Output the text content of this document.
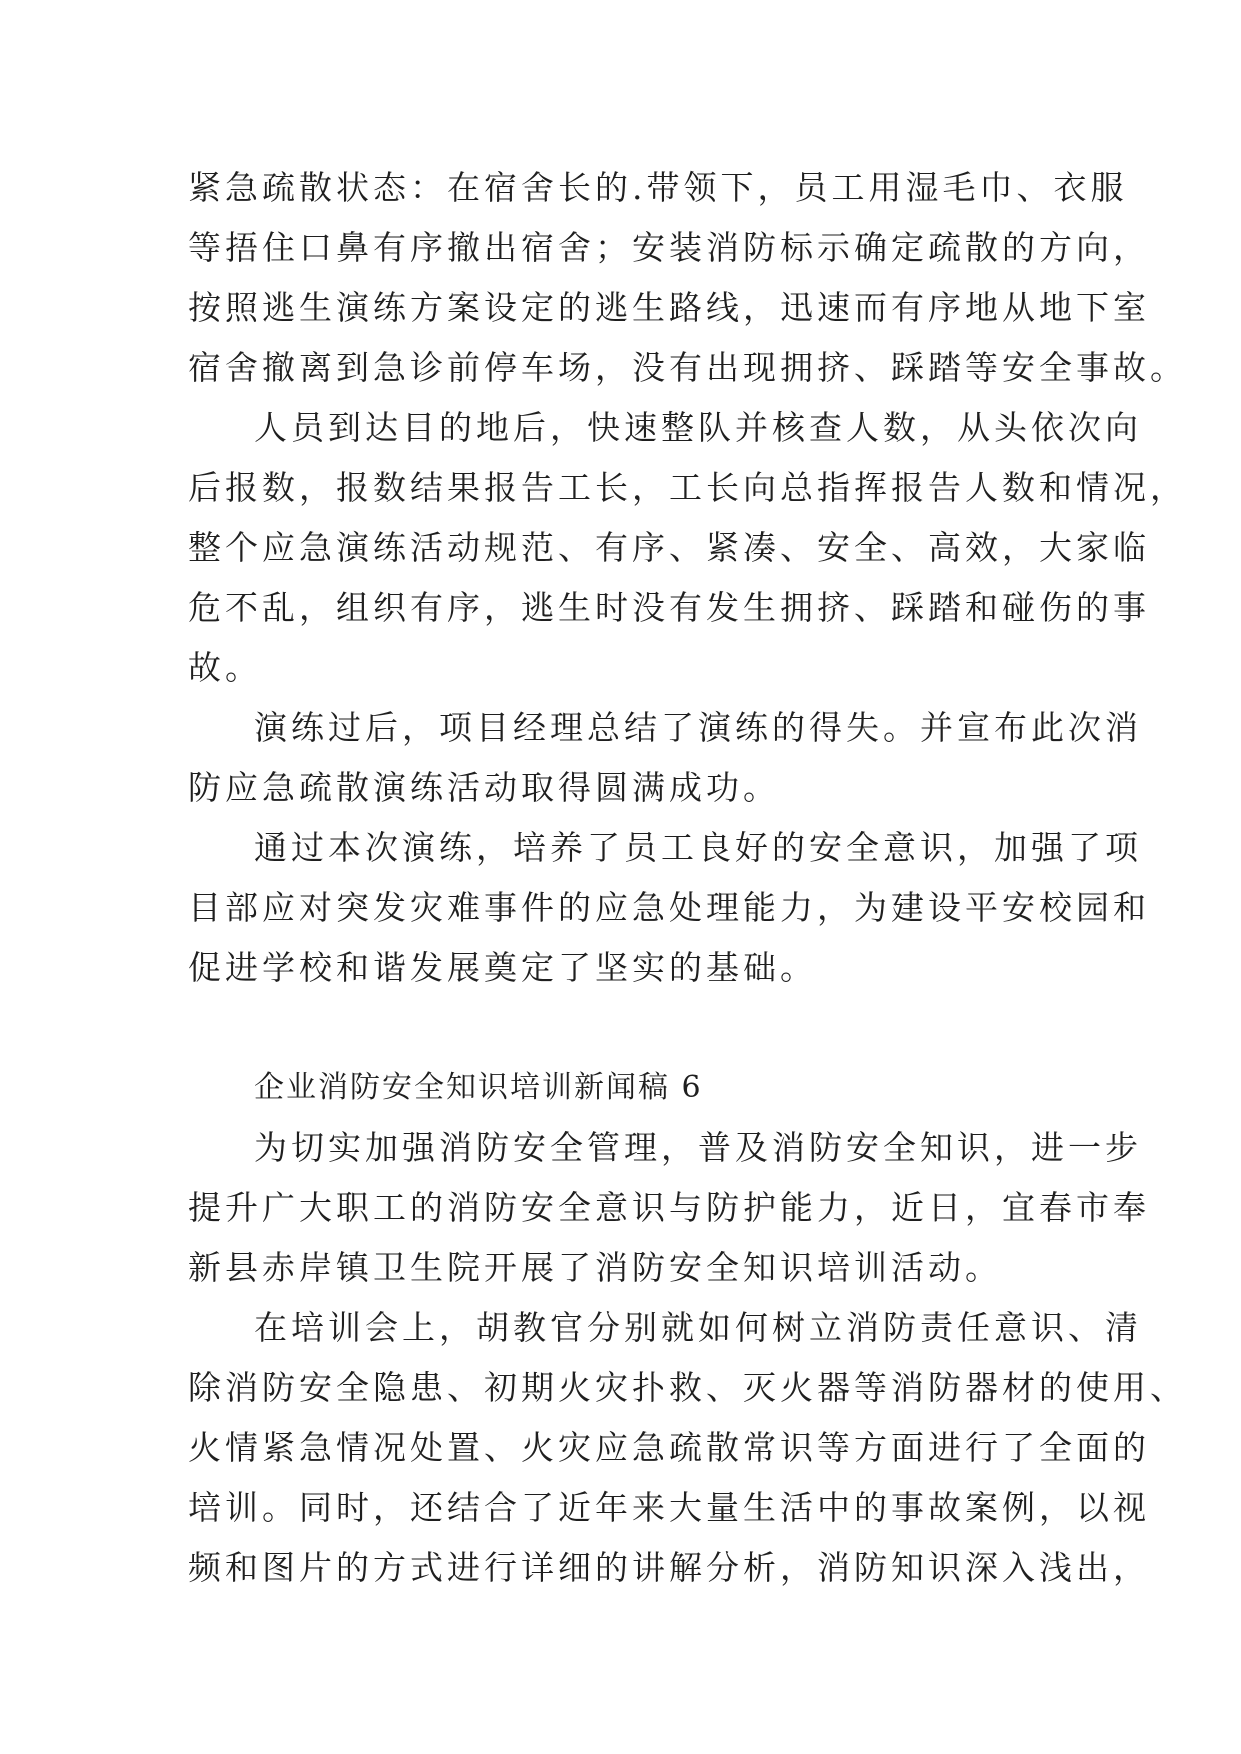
紧急疏散状态：在宿舍长的.带领下，员工用湿毛巾、衣服
等捂住口鼻有序撤出宿舍；安装消防标示确定疏散的方向，
按照逃生演练方案设定的逃生路线，迅速而有序地从地下室
宿舍撤离到急诊前停车场，没有出现拥挤、踩踏等安全事故。
人员到达目的地后，快速整队并核查人数，从头依次向
后报数，报数结果报告工长，工长向总指挥报告人数和情况，
整个应急演练活动规范、有序、紧凑、安全、高效，大家临
危不乱，组织有序，逃生时没有发生拥挤、踩踏和碰伤的事
故。
演练过后，项目经理总结了演练的得失。并宣布此次消
防应急疏散演练活动取得圆满成功。
通过本次演练，培养了员工良好的安全意识，加强了项
目部应对突发灾难事件的应急处理能力，为建设平安校园和
促进学校和谐发展奠定了坚实的基础。
企业消防安全知识培训新闻稿 6
为切实加强消防安全管理，普及消防安全知识，进一步
提升广大职工的消防安全意识与防护能力，近日，宜春市奉
新县赤岸镇卫生院开展了消防安全知识培训活动。
在培训会上，胡教官分别就如何树立消防责任意识、清
除消防安全隐患、初期火灾扑救、灭火器等消防器材的使用、
火情紧急情况处置、火灾应急疏散常识等方面进行了全面的
培训。同时，还结合了近年来大量生活中的事故案例，以视
频和图片的方式进行详细的讲解分析，消防知识深入浅出，
